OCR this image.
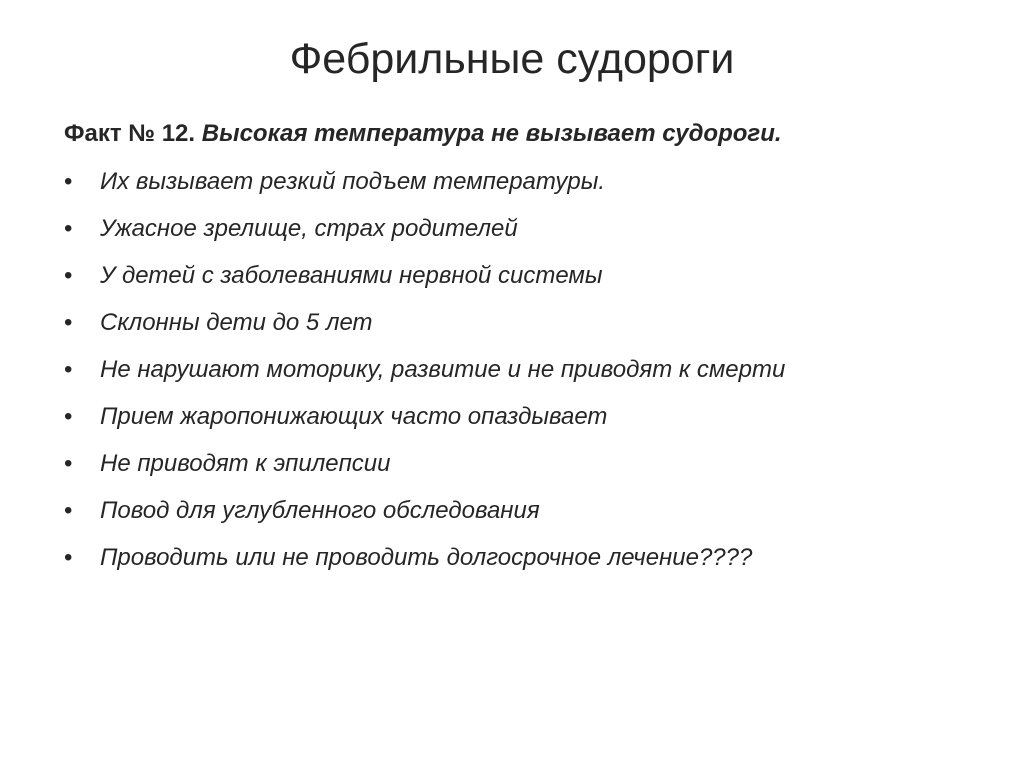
Фебрильные судороги

Факт № 12. Высокая температура не вызывает судороги.

• Их вызывает резкий подъем температуры.
• Ужасное зрелище, страх родителей
• У детей с заболеваниями нервной системы
• Склонны дети до 5 лет
• Не нарушают моторику, развитие и не приводят к смерти
• Прием жаропонижающих часто опаздывает
• Не приводят к эпилепсии
• Повод для углубленного обследования
• Проводить или не проводить долгосрочное лечение????
